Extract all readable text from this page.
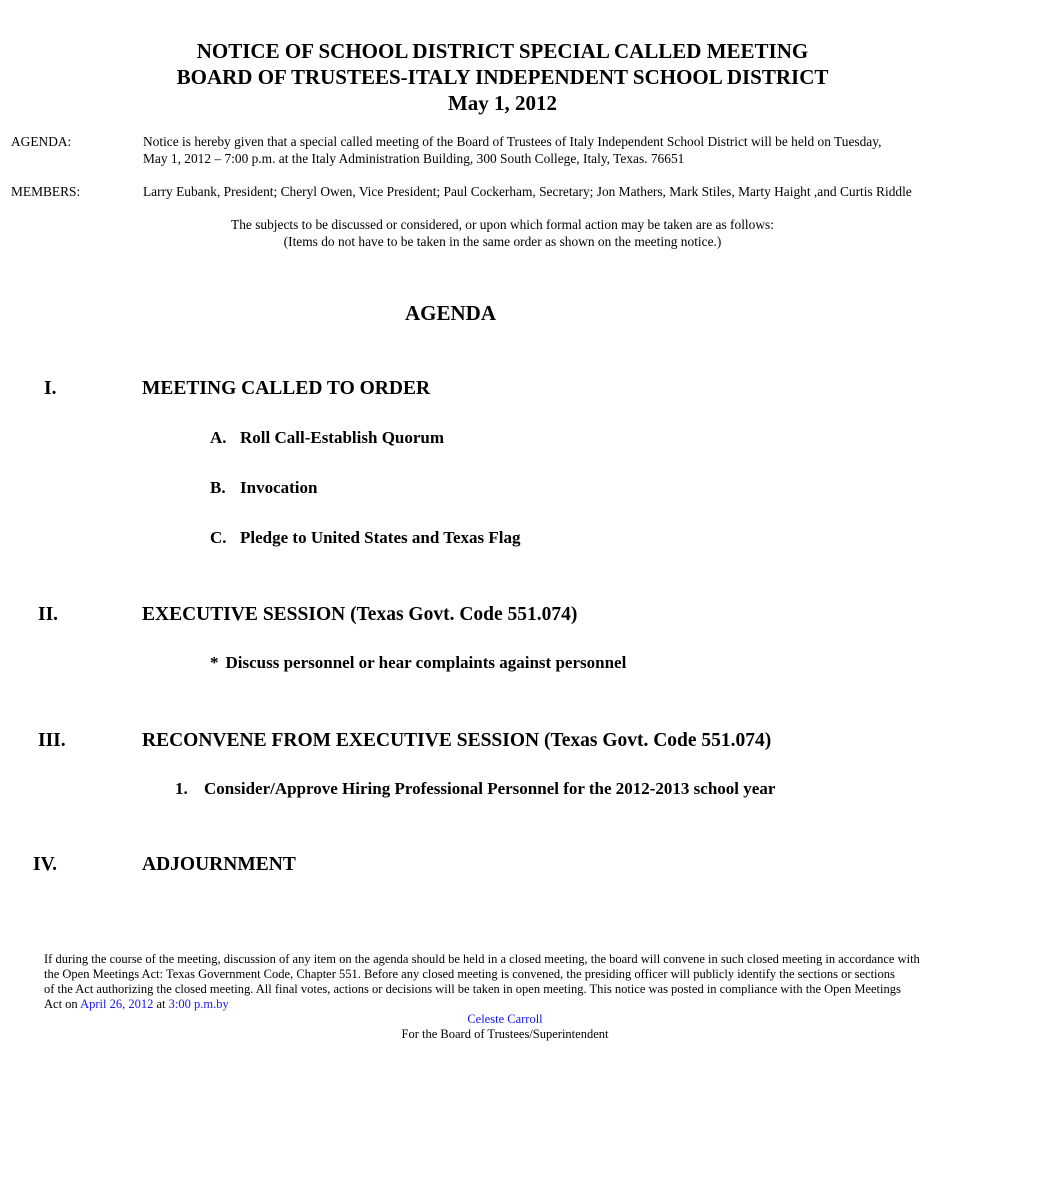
NOTICE OF SCHOOL DISTRICT SPECIAL CALLED MEETING
BOARD OF TRUSTEES-ITALY INDEPENDENT SCHOOL DISTRICT
May 1, 2012
AGENDA:	Notice is hereby given that a special called meeting of the Board of Trustees of Italy Independent School District will be held on Tuesday,
May 1, 2012 – 7:00 p.m. at the Italy Administration Building, 300 South College, Italy, Texas. 76651
MEMBERS:	Larry Eubank, President; Cheryl Owen, Vice President; Paul Cockerham, Secretary; Jon Mathers, Mark Stiles, Marty Haight ,and Curtis Riddle
The subjects to be discussed or considered, or upon which formal action may be taken are as follows:
(Items do not have to be taken in the same order as shown on the meeting notice.)
AGENDA
I.	MEETING CALLED TO ORDER
A. Roll Call-Establish Quorum
B. Invocation
C. Pledge to United States and Texas Flag
II.	EXECUTIVE SESSION (Texas Govt. Code 551.074)
* Discuss personnel or hear complaints against personnel
III.	RECONVENE FROM EXECUTIVE SESSION (Texas Govt. Code 551.074)
1. Consider/Approve Hiring Professional Personnel for the 2012-2013 school year
IV.	ADJOURNMENT
If during the course of the meeting, discussion of any item on the agenda should be held in a closed meeting, the board will convene in such closed meeting in accordance with
the Open Meetings Act: Texas Government Code, Chapter 551. Before any closed meeting is convened, the presiding officer will publicly identify the sections or sections
of the Act authorizing the closed meeting. All final votes, actions or decisions will be taken in open meeting. This notice was posted in compliance with the Open Meetings
Act on April 26, 2012 at 3:00 p.m.by
Celeste Carroll
For the Board of Trustees/Superintendent
